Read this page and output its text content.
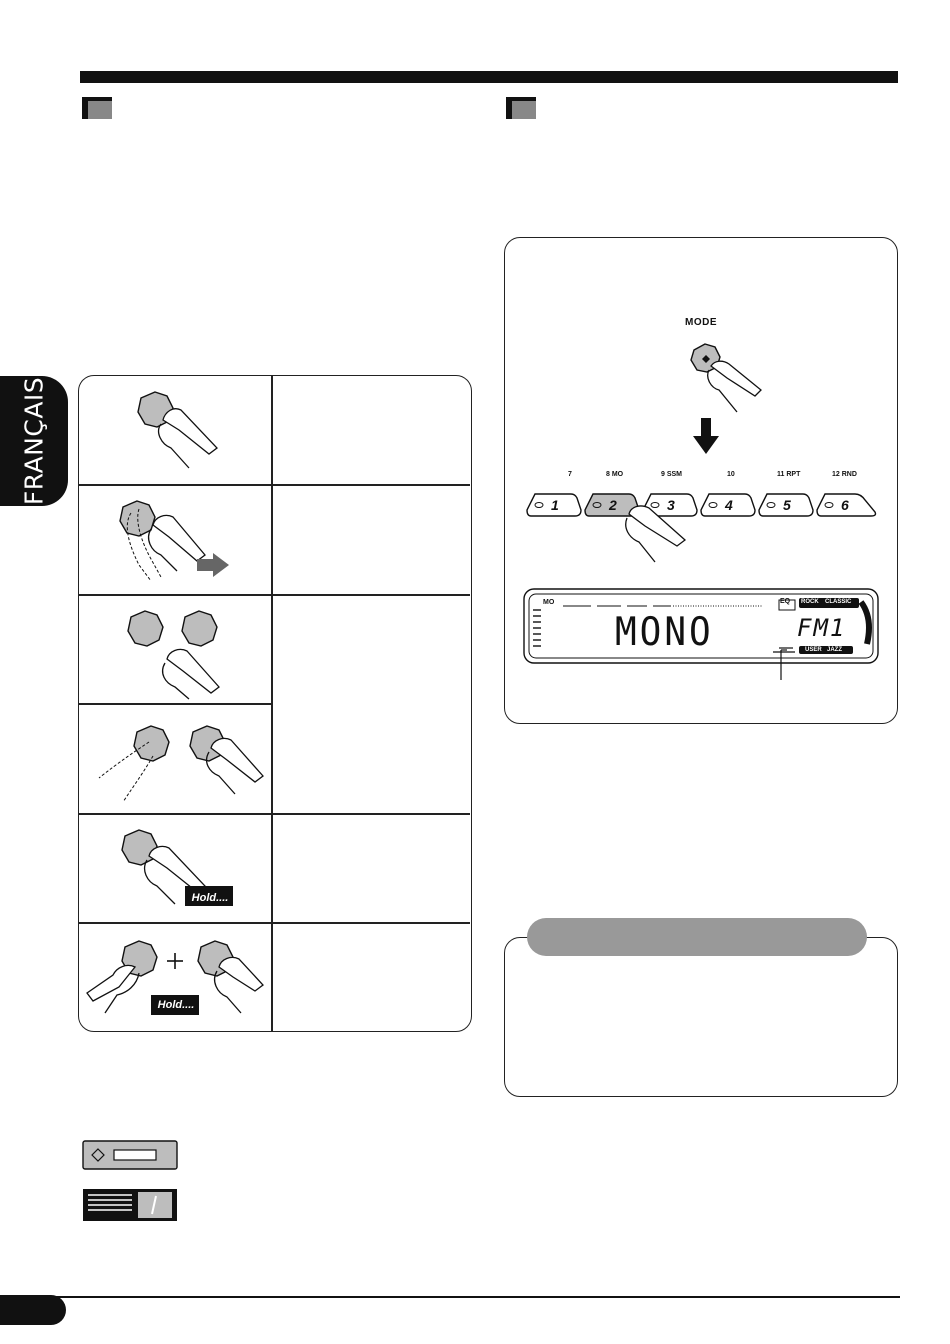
FRANÇAIS
Hold....
Hold....
MODE
7	8 MO	9 SSM	10	11 RPT	12 RND
1	2	3	4	5	6
MO	EQ ROCK CLASSIC
USER JAZZ
MONO	FM1
